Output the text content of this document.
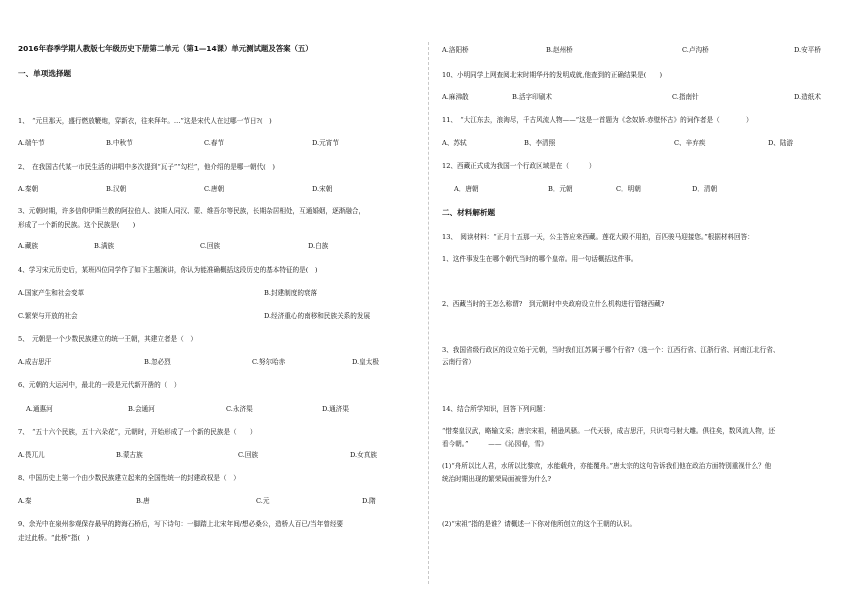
2016年春季学期人教版七年级历史下册第二单元（第1—14课）单元测试题及答案（五）
一、单项选择题
1、　“元旦那天，盛行燃放鞭炮，穿新衣，往来拜年。…”这是宋代人在过哪一节日?(　)
A.端午节	B.中秋节	C.春节	D.元宵节
2、　在我国古代某一市民生活的讲唱中多次提到“瓦子”“勾栏”，他介绍的是哪一朝代(　)
A.秦朝	B.汉朝	C.唐朝	D.宋朝
3、元朝时期，许多信仰伊斯兰教的阿拉伯人、波斯人同汉、蒙、维吾尔等民族，长期杂居相处，互通婚姻，逐渐融合，
形成了一个新的民族。这个民族是(　　)
A.藏族	B.满族	C.回族	D.白族
4、学习宋元历史后，某班四位同学作了如下主题演讲，你认为能准确概括这段历史的基本特征的是(　)
A.国家产生和社会变革	B.封建制度的衰落
C.繁荣与开放的社会	D.经济重心的南移和民族关系的发展
5、　元朝是一个少数民族建立的统一王朝，其建立者是（　）
A.成吉思汗	B.忽必烈	C.努尔哈赤	D.皇太极
6、元朝的大运河中，最北的一段是元代新开凿的（　）
A.通惠河	B.会通河	C.永济渠	D.通济渠
7、　“五十六个民族，五十六朵花”，元朝时，开始形成了一个新的民族是（　　）
A.畏兀儿	B.蒙古族	C.回族	D.女真族
8、中国历史上第一个由少数民族建立起来的全国性统一的封建政权是（　）
A.秦	B.唐	C.元	D.隋
9、余光中在泉州参观保存最早的跨海石桥后，写下诗句：一脚踏上北宋年间/想必桑公，造桥人百已/当年曾经要
走过此桥。“此桥”指(　)
A.洛阳桥	B.赵州桥	C.卢沟桥	D.安平桥
10、小明同学上网查阅北宋时期华丹的发明成就,他查到的正确结果是(　　)
A.麻沸散	B.活字印刷术	C.指南针	D.造纸术
11、　“大江东去，浪淘尽，千古风流人物——”这是一首题为《念奴娇.赤壁怀古》的词作者是（　　　　）
A、苏轼	B、李清照	C、辛弃疾	D、陆游
12、西藏正式成为我国一个行政区域是在（　　　）
A．唐朝	B．元朝	C．明朝	D．清朝
二、材料解析题
13、　阅读材料：“正月十五那一天，公主答应来西藏。莲花大殿不用拍，百匹骏马迎接您。”根据材料回答：
1、这件事发生在哪个朝代当时的哪个皇帝。用一句话概括这件事。
2、西藏当时的王怎么称谓?　到元朝时中央政府设立什么机构进行管辖西藏?
3、我国省级行政区的设立始于元朝，当时我们江苏属于哪个行省?（选一个：江西行省、江浙行省、河南江北行省、
云南行省）
14、结合所学知识，回答下列问题：
“惜秦皇汉武，略输文采；唐宗宋祖，稍逊风骚。一代天骄，成吉思汗，只识弯弓射大雕。俱往矣，数风流人物，还
看今朝。”　　　——《沁园春，雪》
(1)“舟所以比人君，水所以比黎庶，水能载舟，亦能覆舟。”唐太宗的这句告诉我们他在政治方面特别重视什么？他
统治时期出现的繁荣局面被誉为什么?
(2)“宋祖”指的是谁？请概述一下你对他所创立的这个王朝的认识。
